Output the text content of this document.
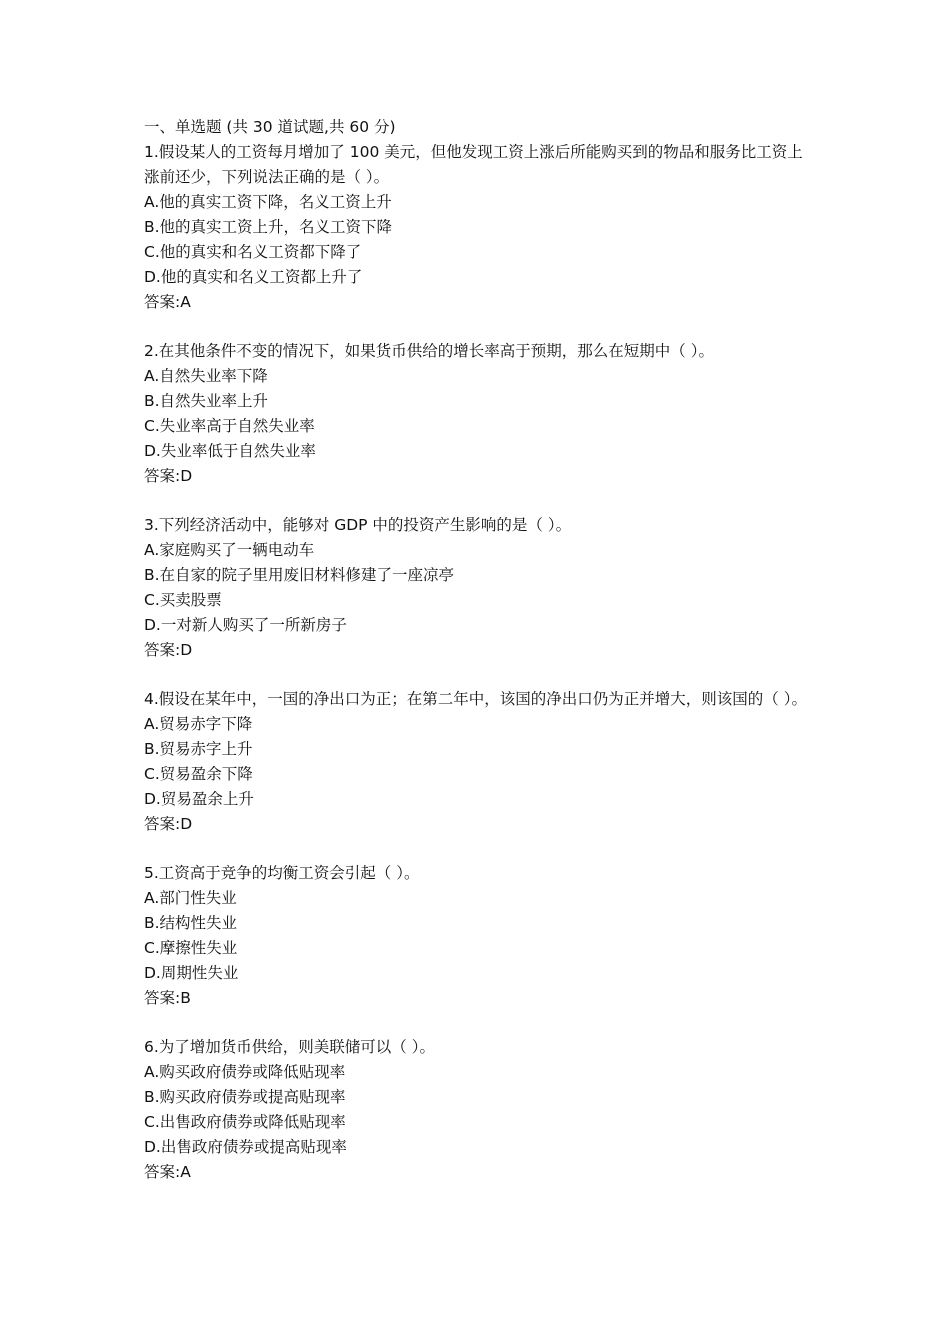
一、单选题 (共 30 道试题,共 60 分)

1.假设某人的工资每月增加了 100 美元，但他发现工资上涨后所能购买到的物品和服务比工资上涨前还少，下列说法正确的是（ ）。

A.他的真实工资下降，名义工资上升

B.他的真实工资上升，名义工资下降

C.他的真实和名义工资都下降了

D.他的真实和名义工资都上升了

答案:A

2.在其他条件不变的情况下，如果货币供给的增长率高于预期，那么在短期中（ ）。

A.自然失业率下降

B.自然失业率上升

C.失业率高于自然失业率

D.失业率低于自然失业率

答案:D

3.下列经济活动中，能够对 GDP 中的投资产生影响的是（ ）。

A.家庭购买了一辆电动车

B.在自家的院子里用废旧材料修建了一座凉亭

C.买卖股票

D.一对新人购买了一所新房子

答案:D

4.假设在某年中，一国的净出口为正；在第二年中，该国的净出口仍为正并增大，则该国的（ ）。

A.贸易赤字下降

B.贸易赤字上升

C.贸易盈余下降

D.贸易盈余上升

答案:D

5.工资高于竞争的均衡工资会引起（ ）。

A.部门性失业

B.结构性失业

C.摩擦性失业

D.周期性失业

答案:B

6.为了增加货币供给，则美联储可以（ ）。

A.购买政府债券或降低贴现率

B.购买政府债券或提高贴现率

C.出售政府债券或降低贴现率

D.出售政府债券或提高贴现率

答案:A
